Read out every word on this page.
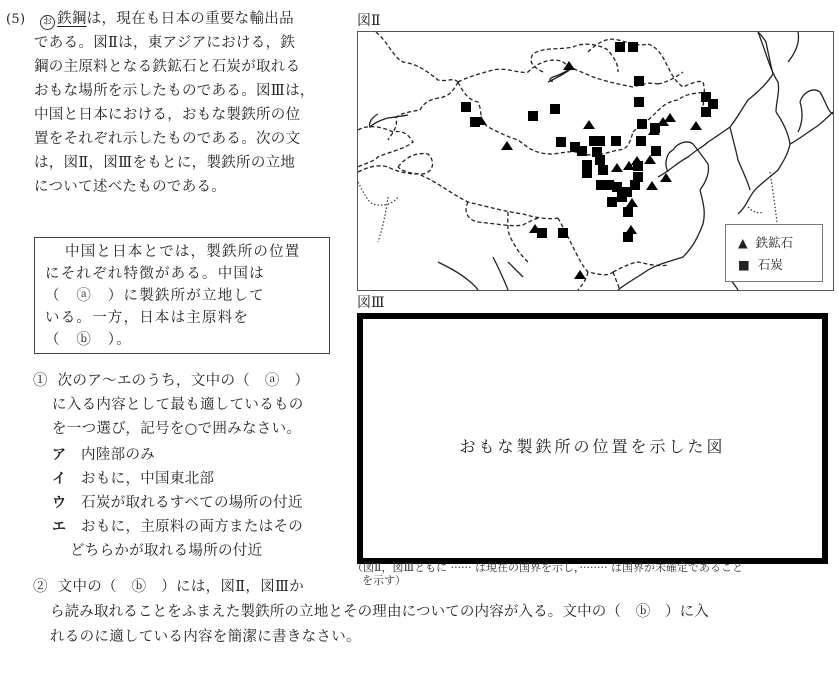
(5) お 鉄鋼は，現在も日本の重要な輸出品
である。図Ⅱは，東アジアにおける，鉄
鋼の主原料となる鉄鉱石と石炭が取れる
おもな場所を示したものである。図Ⅲは，
中国と日本における，おもな製鉄所の位
置をそれぞれ示したものである。次の文
は，図Ⅱ，図Ⅲをもとに，製鉄所の立地
について述べたものである。
中国と日本とでは，製鉄所の位置
にそれぞれ特徴がある。中国は
（　ⓐ　）に製鉄所が立地して
いる。一方，日本は主原料を
（　ⓑ　）。
① 次のア〜エのうち，文中の（　ⓐ　）
に入る内容として最も適しているもの
を一つ選び，記号を○で囲みなさい。
ア 内陸部のみ
イ おもに，中国東北部
ウ 石炭が取れるすべての場所の付近
エ おもに，主原料の両方またはその
どちらかが取れる場所の付近
② 文中の（　ⓑ　）には，図Ⅱ，図Ⅲか
ら読み取れることをふまえた製鉄所の立地とその理由についての内容が入る。文中の（　ⓑ　）に入
れるのに適している内容を簡潔に書きなさい。
図Ⅱ
▲ 鉄鉱石
■ 石炭
図Ⅲ
おもな製鉄所の位置を示した図
（図Ⅱ，図Ⅲともに ······ は現在の国界を示し，········ は国界が未確定であること
を示す）
